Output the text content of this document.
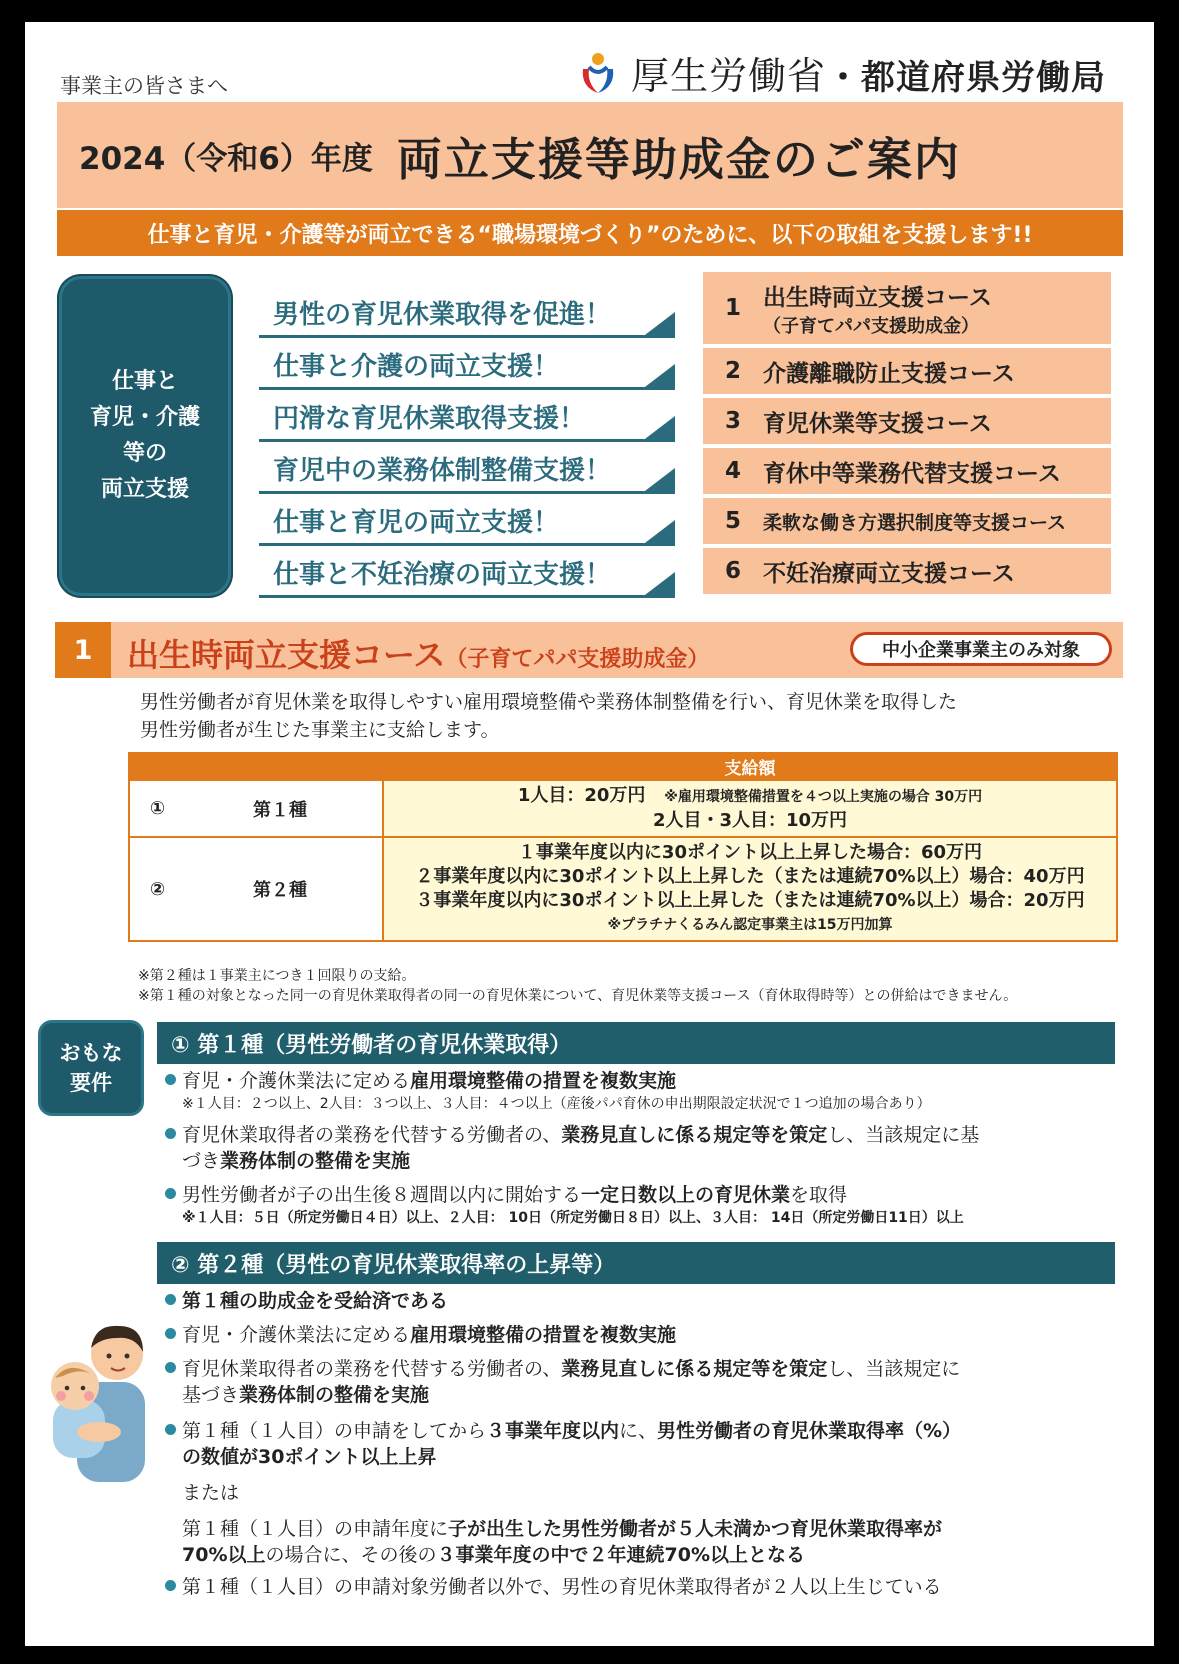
事業主の皆さまへ	厚生労働省・都道府県労働局
2024（令和6）年度 両立支援等助成金のご案内
仕事と育児・介護等が両立できる“職場環境づくり”のために、以下の取組を支援します!!
仕事と
育児・介護
等の
両立支援
男性の育児休業取得を促進！
仕事と介護の両立支援！
円滑な育児休業取得支援！
育児中の業務体制整備支援！
仕事と育児の両立支援！
仕事と不妊治療の両立支援！
1 出生時両立支援コース
（子育てパパ支援助成金）
2 介護離職防止支援コース
3 育児休業等支援コース
4 育休中等業務代替支援コース
5	柔軟な働き方選択制度等支援コース
6 不妊治療両立支援コース
1	出生時両立支援コース（子育てパパ支援助成金）	中小企業事業主のみ対象
男性労働者が育児休業を取得しやすい雇用環境整備や業務体制整備を行い、育児休業を取得した
男性労働者が生じた事業主に支給します。
		支給額
①	第１種	1人目：20万円 ※雇用環境整備措置を４つ以上実施の場合 30万円
2人目・3人目：10万円

②	第２種	１事業年度以内に30ポイント以上上昇した場合：60万円
２事業年度以内に30ポイント以上上昇した（または連続70%以上）場合：40万円
３事業年度以内に30ポイント以上上昇した（または連続70%以上）場合：20万円
※プラチナくるみん認定事業主は15万円加算
※第２種は１事業主につき１回限りの支給。
※第１種の対象となった同一の育児休業取得者の同一の育児休業について、育児休業等支援コース（育休取得時等）との併給はできません。
おもな
要件
① 第１種（男性労働者の育児休業取得）
育児・介護休業法に定める雇用環境整備の措置を複数実施
※１人目：２つ以上、2人目：３つ以上、３人目：４つ以上（産後パパ育休の申出期限設定状況で１つ追加の場合あり）
育児休業取得者の業務を代替する労働者の、業務見直しに係る規定等を策定し、当該規定に基
づき業務体制の整備を実施
男性労働者が子の出生後８週間以内に開始する一定日数以上の育児休業を取得
※１人目：５日（所定労働日４日）以上、２人目： 10日（所定労働日８日）以上、３人目： 14日（所定労働日11日）以上
② 第２種（男性の育児休業取得率の上昇等）
第１種の助成金を受給済である
育児・介護休業法に定める雇用環境整備の措置を複数実施
育児休業取得者の業務を代替する労働者の、業務見直しに係る規定等を策定し、当該規定に
基づき業務体制の整備を実施
第１種（１人目）の申請をしてから３事業年度以内に、男性労働者の育児休業取得率（%）
の数値が30ポイント以上上昇
または
第１種（１人目）の申請年度に子が出生した男性労働者が５人未満かつ育児休業取得率が
70%以上の場合に、その後の３事業年度の中で２年連続70%以上となる
第１種（１人目）の申請対象労働者以外で、男性の育児休業取得者が２人以上生じている
